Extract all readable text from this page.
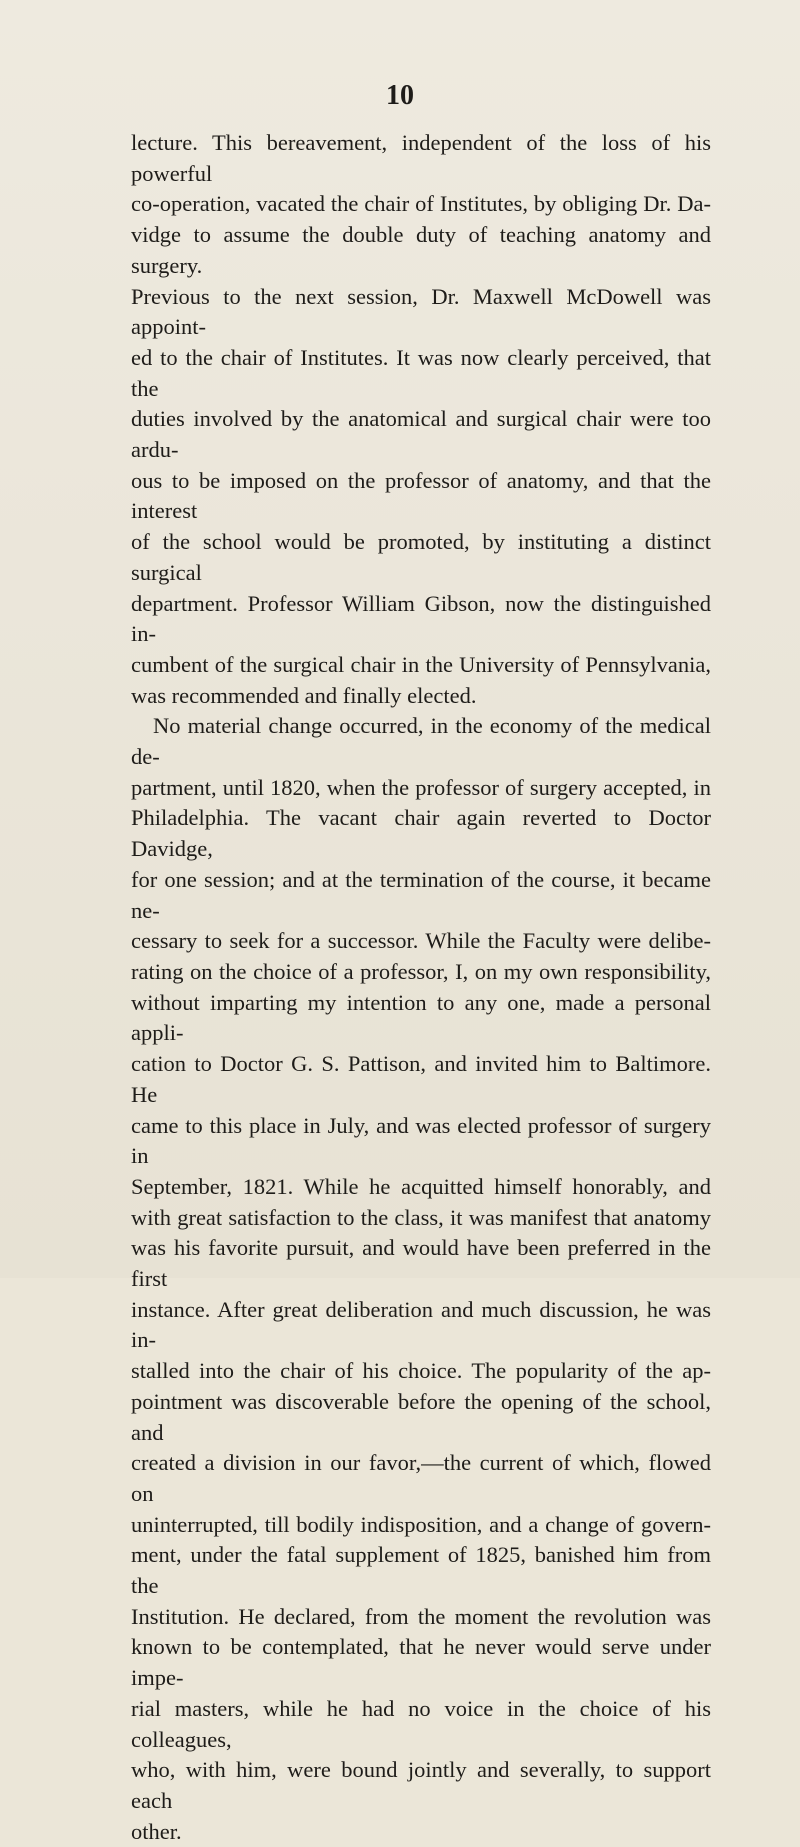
10
lecture. This bereavement, independent of the loss of his powerful
co-operation, vacated the chair of Institutes, by obliging Dr. Da-
vidge to assume the double duty of teaching anatomy and surgery.
Previous to the next session, Dr. Maxwell McDowell was appoint-
ed to the chair of Institutes. It was now clearly perceived, that the
duties involved by the anatomical and surgical chair were too ardu-
ous to be imposed on the professor of anatomy, and that the interest
of the school would be promoted, by instituting a distinct surgical
department. Professor William Gibson, now the distinguished in-
cumbent of the surgical chair in the University of Pennsylvania,
was recommended and finally elected.
No material change occurred, in the economy of the medical de-
partment, until 1820, when the professor of surgery accepted, in
Philadelphia. The vacant chair again reverted to Doctor Davidge,
for one session; and at the termination of the course, it became ne-
cessary to seek for a successor. While the Faculty were delibe-
rating on the choice of a professor, I, on my own responsibility,
without imparting my intention to any one, made a personal appli-
cation to Doctor G. S. Pattison, and invited him to Baltimore. He
came to this place in July, and was elected professor of surgery in
September, 1821. While he acquitted himself honorably, and
with great satisfaction to the class, it was manifest that anatomy
was his favorite pursuit, and would have been preferred in the first
instance. After great deliberation and much discussion, he was in-
stalled into the chair of his choice. The popularity of the ap-
pointment was discoverable before the opening of the school, and
created a division in our favor,—the current of which, flowed on
uninterrupted, till bodily indisposition, and a change of govern-
ment, under the fatal supplement of 1825, banished him from the
Institution. He declared, from the moment the revolution was
known to be contemplated, that he never would serve under impe-
rial masters, while he had no voice in the choice of his colleagues,
who, with him, were bound jointly and severally, to support each
other.
